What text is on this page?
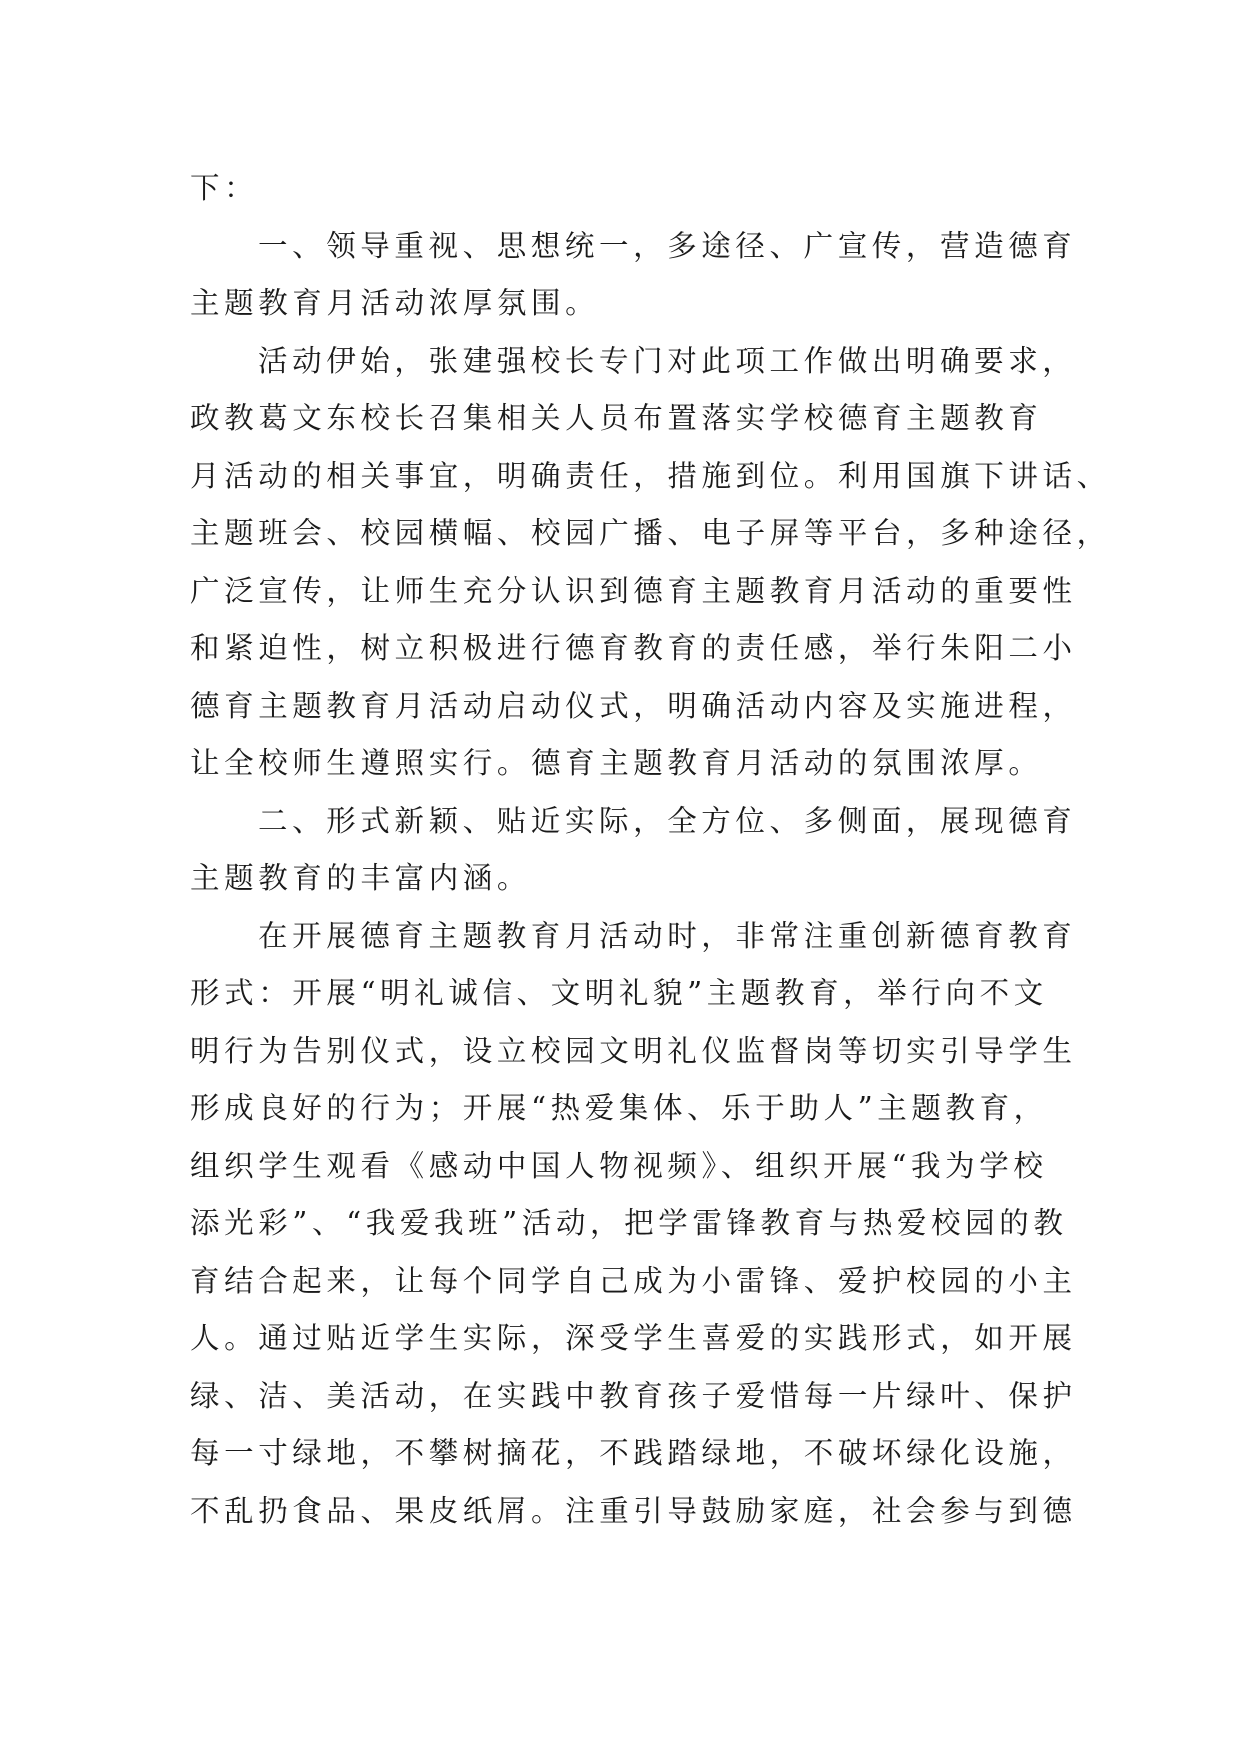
下：
一、领导重视、思想统一，多途径、广宣传，营造德育
主题教育月活动浓厚氛围。
活动伊始，张建强校长专门对此项工作做出明确要求，
政教葛文东校长召集相关人员布置落实学校德育主题教育
月活动的相关事宜，明确责任，措施到位。利用国旗下讲话、
主题班会、校园横幅、校园广播、电子屏等平台，多种途径，
广泛宣传，让师生充分认识到德育主题教育月活动的重要性
和紧迫性，树立积极进行德育教育的责任感，举行朱阳二小
德育主题教育月活动启动仪式，明确活动内容及实施进程，
让全校师生遵照实行。德育主题教育月活动的氛围浓厚。
二、形式新颖、贴近实际，全方位、多侧面，展现德育
主题教育的丰富内涵。
在开展德育主题教育月活动时，非常注重创新德育教育
形式：开展“明礼诚信、文明礼貌”主题教育，举行向不文
明行为告别仪式，设立校园文明礼仪监督岗等切实引导学生
形成良好的行为；开展“热爱集体、乐于助人”主题教育，
组织学生观看《感动中国人物视频》、组织开展“我为学校
添光彩”、“我爱我班”活动，把学雷锋教育与热爱校园的教
育结合起来，让每个同学自己成为小雷锋、爱护校园的小主
人。通过贴近学生实际，深受学生喜爱的实践形式，如开展
绿、洁、美活动，在实践中教育孩子爱惜每一片绿叶、保护
每一寸绿地，不攀树摘花，不践踏绿地，不破坏绿化设施，
不乱扔食品、果皮纸屑。注重引导鼓励家庭，社会参与到德
